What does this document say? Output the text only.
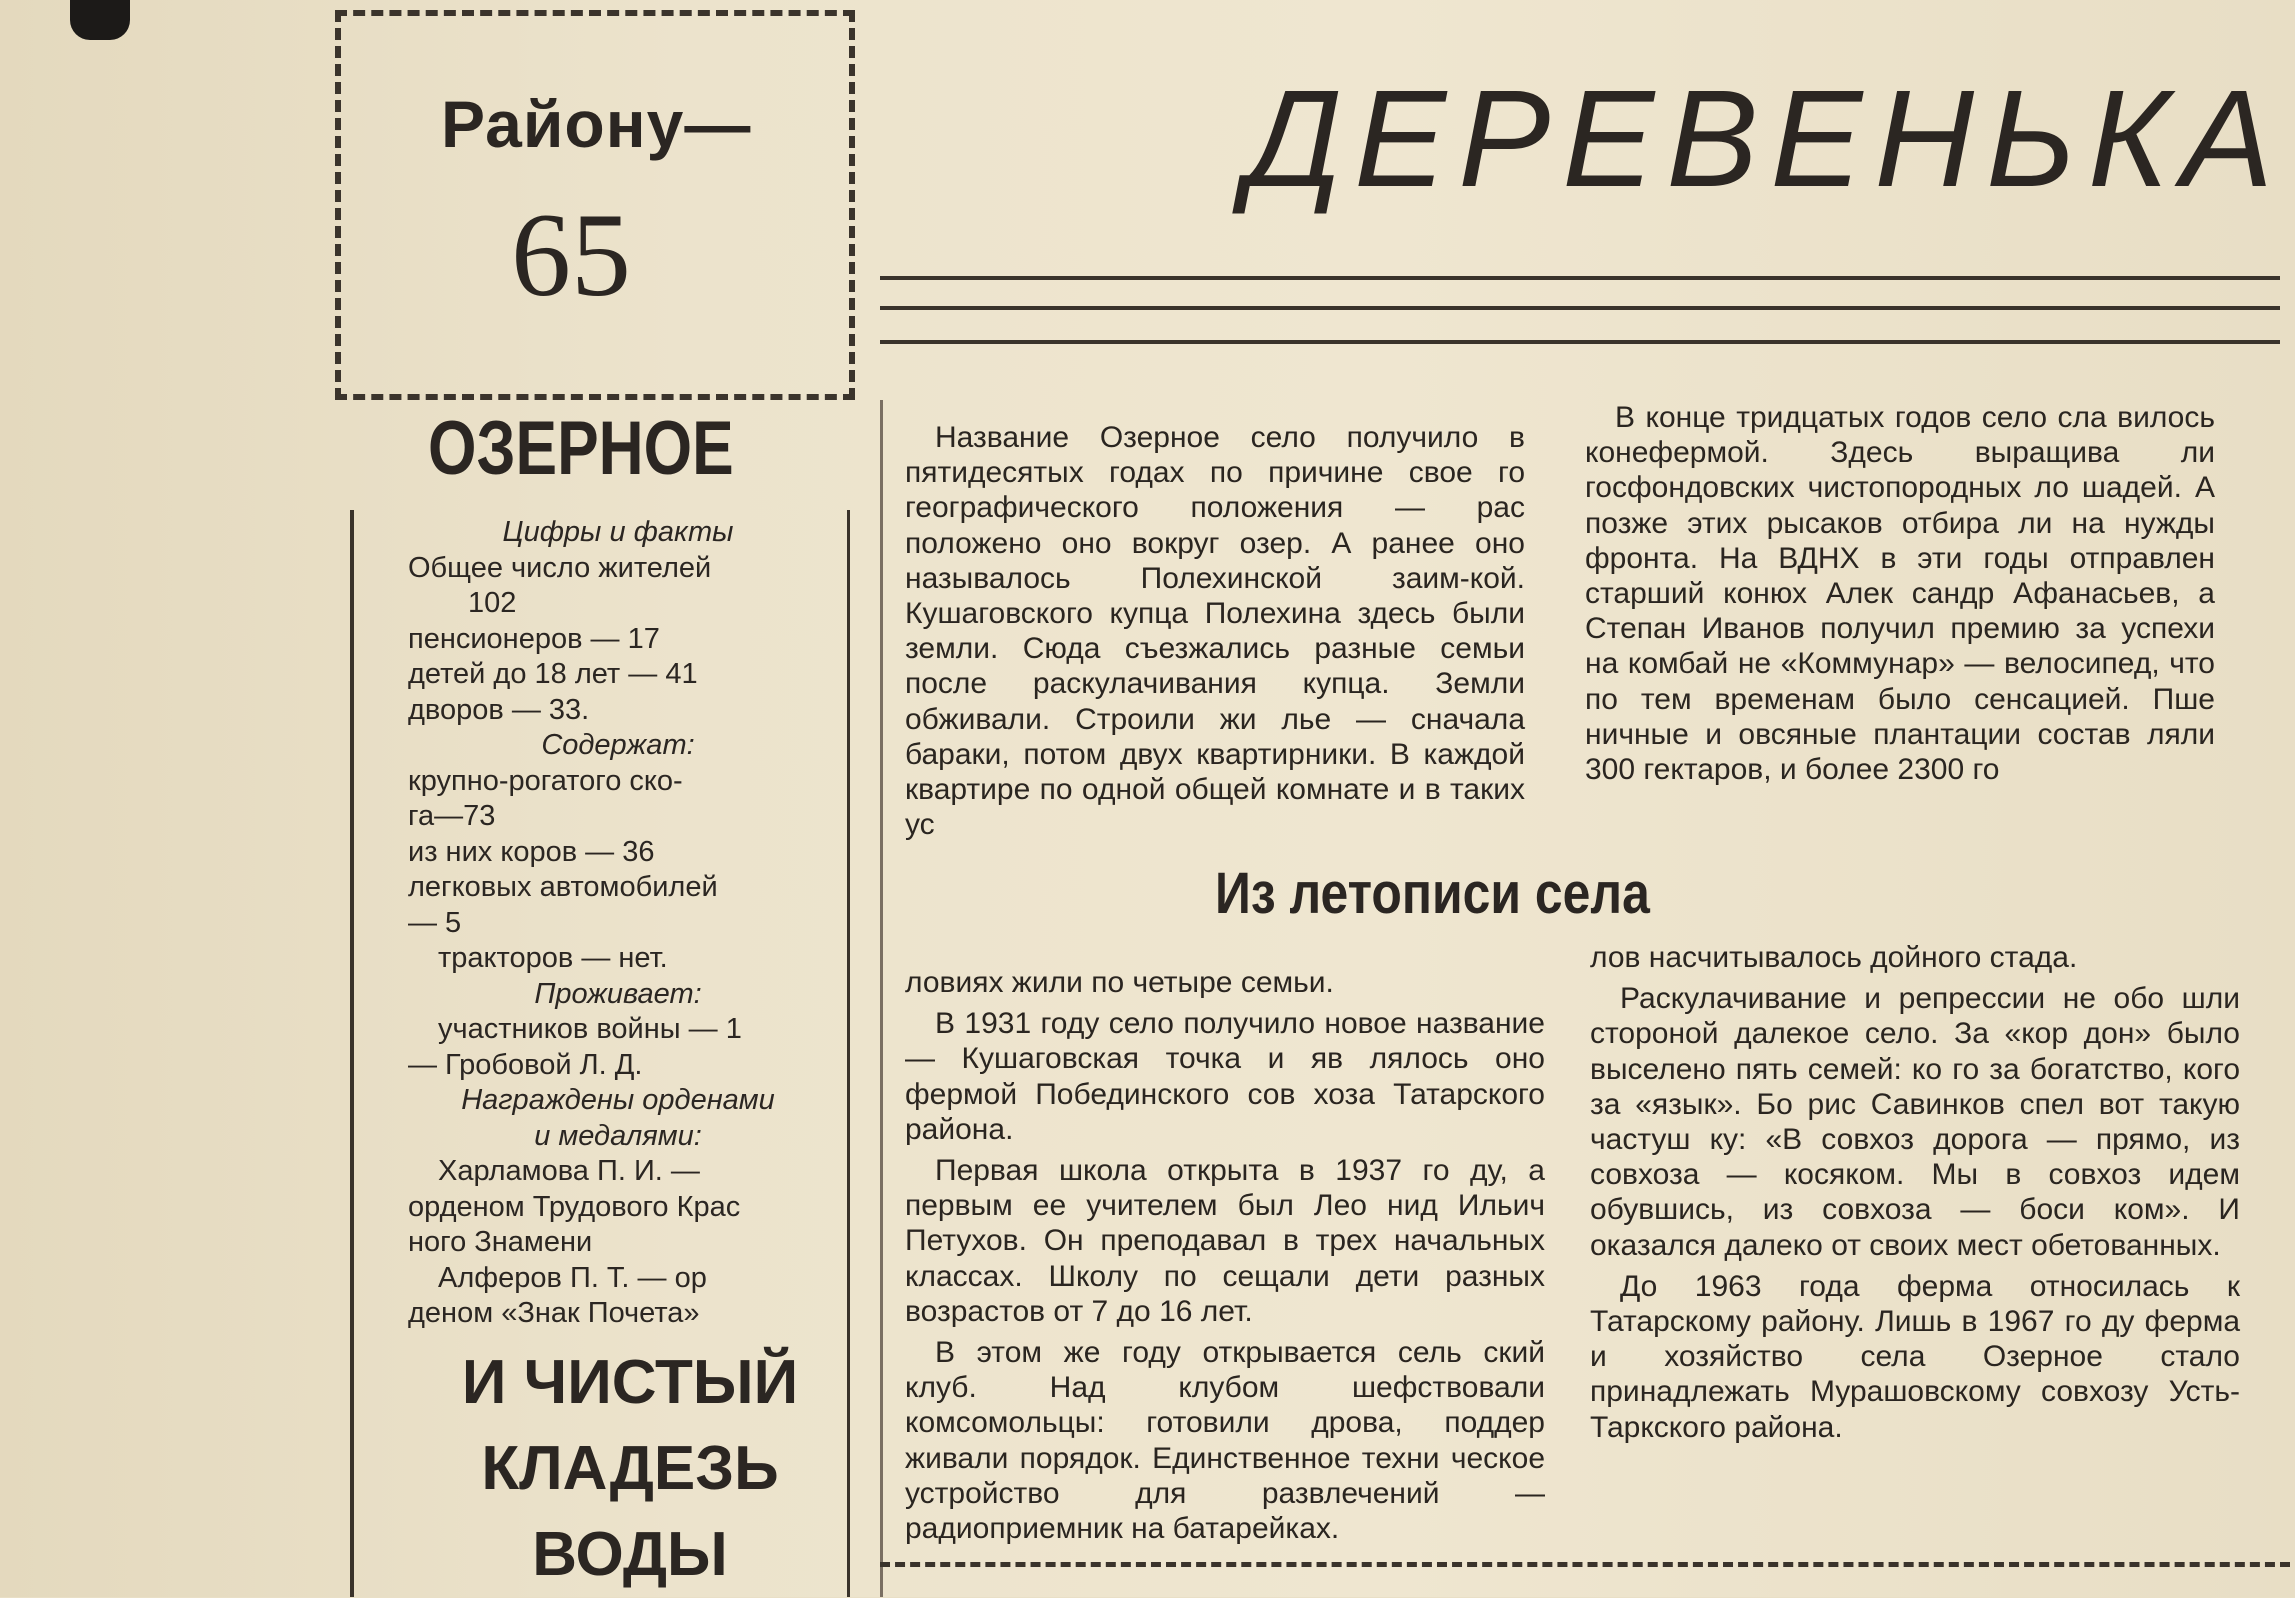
Району—
65
ДЕРЕВЕНЬКА
ОЗЕРНОЕ
Цифры и факты
Общее число жителей
102
пенсионеров — 17
детей до 18 лет — 41
дворов — 33.
Содержат:
крупно-рогатого ско-
га—73
из них коров — 36
легковых автомобилей
— 5
тракторов — нет.
Проживает:
участников войны — 1
— Гробовой Л. Д.
Награждены орденами
и медалями:
Харламова П. И. —
орденом Трудового Крас
ного Знамени
Алферов П. Т. — ор
деном «Знак Почета»
И ЧИСТЫЙ
КЛАДЕЗЬ
ВОДЫ

Название Озерное село получило в пятидесятых годах по причине свое го географического положения — рас положено оно вокруг озер. А ранее оно называлось Полехинской заим-кой. Кушаговского купца Полехина здесь были земли. Сюда съезжались разные семьи после раскулачивания купца. Земли обживали. Строили жи лье — сначала бараки, потом двух квартирники. В каждой квартире по одной общей комнате и в таких ус

В конце тридцатых годов село сла вилось конефермой. Здесь выращива ли госфондовских чистопородных ло шадей. А позже этих рысаков отбира ли на нужды фронта. На ВДНХ в эти годы отправлен старший конюх Алек сандр Афанасьев, а Степан Иванов получил премию за успехи на комбай не «Коммунар» — велосипед, что по тем временам было сенсацией. Пше ничные и овсяные плантации состав ляли 300 гектаров, и более 2300 го

Из летописи села

ловиях жили по четыре семьи.

В 1931 году село получило новое название — Кушаговская точка и яв лялось оно фермой Побединского сов хоза Татарского района.

Первая школа открыта в 1937 го ду, а первым ее учителем был Лео нид Ильич Петухов. Он преподавал в трех начальных классах. Школу по сещали дети разных возрастов от 7 до 16 лет.

В этом же году открывается сель ский клуб. Над клубом шефствовали комсомольцы: готовили дрова, поддер живали порядок. Единственное техни ческое устройство для развлечений — радиоприемник на батарейках.

лов насчитывалось дойного стада.

Раскулачивание и репрессии не обо шли стороной далекое село. За «кор дон» было выселено пять семей: ко го за богатство, кого за «язык». Бо рис Савинков спел вот такую частуш ку: «В совхоз дорога — прямо, из совхоза — косяком. Мы в совхоз идем обувшись, из совхоза — боси ком». И оказался далеко от своих мест обетованных.

До 1963 года ферма относилась к Татарскому району. Лишь в 1967 го ду ферма и хозяйство села Озерное стало принадлежать Мурашовскому совхозу Усть-Таркского района.
